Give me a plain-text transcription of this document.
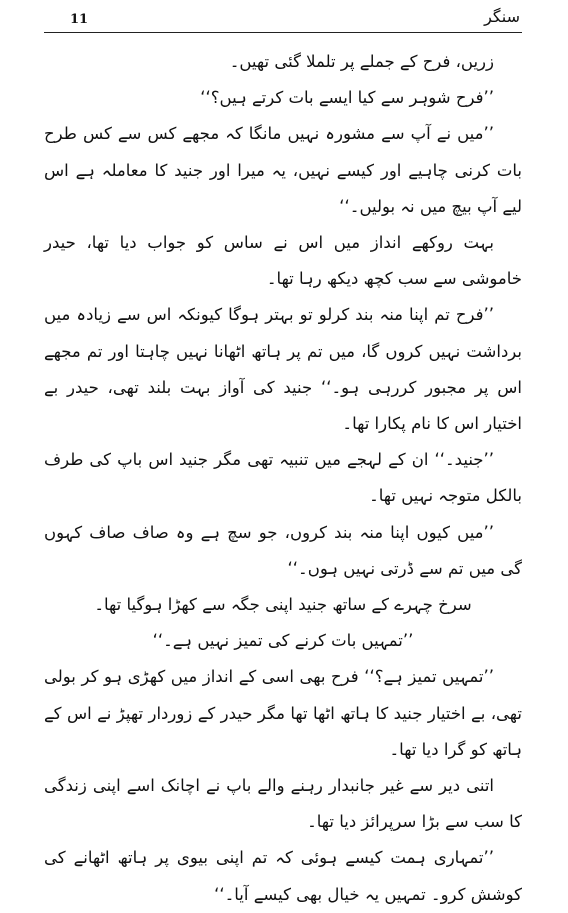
11	سنگر

زریں، فرح کے جملے پر تلملا گئی تھیں۔

’’فرح شوہر سے کیا ایسے بات کرتے ہیں؟‘‘

’’میں نے آپ سے مشورہ نہیں مانگا کہ مجھے کس سے کس طرح بات کرنی چاہیے اور کیسے نہیں، یہ میرا اور جنید کا معاملہ ہے اس لیے آپ بیچ میں نہ بولیں۔‘‘

بہت روکھے انداز میں اس نے ساس کو جواب دیا تھا، حیدر خاموشی سے سب کچھ دیکھ رہا تھا۔

’’فرح تم اپنا منہ بند کرلو تو بہتر ہوگا کیونکہ اس سے زیادہ میں برداشت نہیں کروں گا، میں تم پر ہاتھ اٹھانا نہیں چاہتا اور تم مجھے اس پر مجبور کررہی ہو۔‘‘ جنید کی آواز بہت بلند تھی، حیدر بے اختیار اس کا نام پکارا تھا۔

’’جنید۔‘‘ ان کے لہجے میں تنبیہ تھی مگر جنید اس باپ کی طرف بالکل متوجہ نہیں تھا۔

’’میں کیوں اپنا منہ بند کروں، جو سچ ہے وہ صاف صاف کہوں گی میں تم سے ڈرتی نہیں ہوں۔‘‘

سرخ چہرے کے ساتھ جنید اپنی جگہ سے کھڑا ہوگیا تھا۔

’’تمہیں بات کرنے کی تمیز نہیں ہے۔‘‘

’’تمہیں تمیز ہے؟‘‘ فرح بھی اسی کے انداز میں کھڑی ہو کر بولی تھی، بے اختیار جنید کا ہاتھ اٹھا تھا مگر حیدر کے زوردار تھپڑ نے اس کے ہاتھ کو گرا دیا تھا۔

اتنی دیر سے غیر جانبدار رہنے والے باپ نے اچانک اسے اپنی زندگی کا سب سے بڑا سرپرائز دیا تھا۔

’’تمہاری ہمت کیسے ہوئی کہ تم اپنی بیوی پر ہاتھ اٹھانے کی کوشش کرو۔ تمہیں یہ خیال بھی کیسے آیا۔‘‘
